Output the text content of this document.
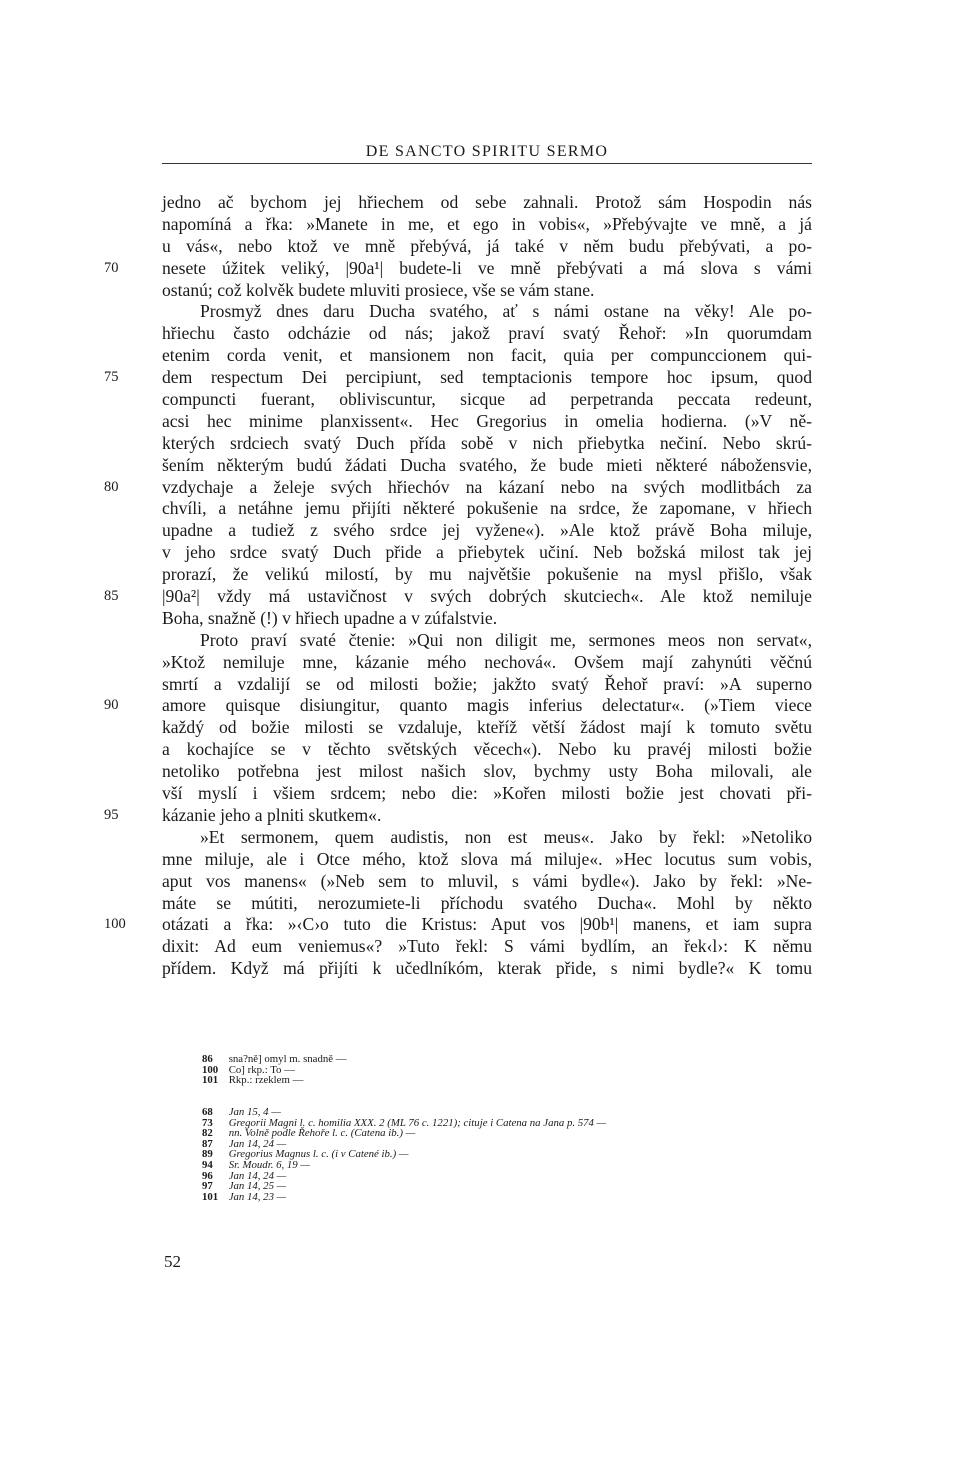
DE SANCTO SPIRITU SERMO
jedno ač bychom jej hřiechem od sebe zahnali. Protož sám Hospodin nás
napomíná a řka: »Manete in me, et ego in vobis«, »Přebývajte ve mně, a já
u vás«, nebo ktož ve mně přebývá, já také v něm budu přebývati, a po-
70	nesete úžitek veliký, |90a¹| budete-li ve mně přebývati a má slova s vámi
ostanú; což kolvěk budete mluviti prosiece, vše se vám stane.
Prosmyž dnes daru Ducha svatého, ať s námi ostane na věky! Ale po-
hřiechu často odcházie od nás; jakož praví svatý Řehoř: »In quorumdam
etenim corda venit, et mansionem non facit, quia per compunccionem qui-
75	dem respectum Dei percipiunt, sed temptacionis tempore hoc ipsum, quod
compuncti fuerant, obliviscuntur, sicque ad perpetranda peccata redeunt,
acsi hec minime planxissent«. Hec Gregorius in omelia hodierna. (»V ně-
kterých srdciech svatý Duch přída sobě v nich přiebytka nečiní. Nebo skrú-
šením některým budú žádati Ducha svatého, že bude mieti některé nábožensvie,
80	vzdychaje a želeje svých hřiechóv na kázaní nebo na svých modlitbách za
chvíli, a netáhne jemu přijíti některé pokušenie na srdce, že zapomane, v hřiech
upadne a tudiež z svého srdce jej vyžene«). »Ale ktož právě Boha miluje,
v jeho srdce svatý Duch přide a přiebytek učiní. Neb božská milost tak jej
prorazí, že velikú milostí, by mu najvětšie pokušenie na mysl přišlo, však
85	|90a²| vždy má ustavičnost v svých dobrých skutciech«. Ale ktož nemiluje
Boha, snažně (!) v hřiech upadne a v zúfalstvie.
Proto praví svaté čtenie: »Qui non diligit me, sermones meos non servat«,
»Ktož nemiluje mne, kázanie mého nechová«. Ovšem mají zahynúti věčnú
smrtí a vzdalijí se od milosti božie; jakžto svatý Řehoř praví: »A superno
90	amore quisque disiungitur, quanto magis inferius delectatur«. (»Tiem viece
každý od božie milosti se vzdaluje, kteříž větší žádost mají k tomuto světu
a kochajíce se v těchto světských věcech«). Nebo ku pravéj milosti božie
netoliko potřebna jest milost našich slov, bychmy usty Boha milovali, ale
vší myslí i všiem srdcem; nebo die: »Kořen milosti božie jest chovati při-
95	kázanie jeho a plniti skutkem«.
»Et sermonem, quem audistis, non est meus«. Jako by řekl: »Netoliko
mne miluje, ale i Otce mého, ktož slova má miluje«. »Hec locutus sum vobis,
aput vos manens« (»Neb sem to mluvil, s vámi bydle«). Jako by řekl: »Ne-
máte se mútiti, nerozumiete-li příchodu svatého Ducha«. Mohl by někto
100	otázati a řka: »‹C›o tuto die Kristus: Aput vos |90b¹| manens, et iam supra
dixit: Ad eum veniemus«? »Tuto řekl: S vámi bydlím, an řek‹l›: K němu
přídem. Když má přijíti k učedlníkóm, kterak přide, s nimi bydle?« K tomu
86 sna?ně] omyl m. snadně —
100 Co] rkp.: To —
101 Rkp.: rzeklem —
68 Jan 15, 4 —
73 Gregorii Magni l. c. homilia XXX. 2 (ML 76 c. 1221); cituje i Catena na Jana p. 574 —
82 nn. Volně podle Řehoře l. c. (Catena ib.) —
87 Jan 14, 24 —
89 Gregorius Magnus l. c. (i v Catené ib.) —
94 Sr. Moudr. 6, 19 —
96 Jan 14, 24 —
97 Jan 14, 25 —
101 Jan 14, 23 —
52
